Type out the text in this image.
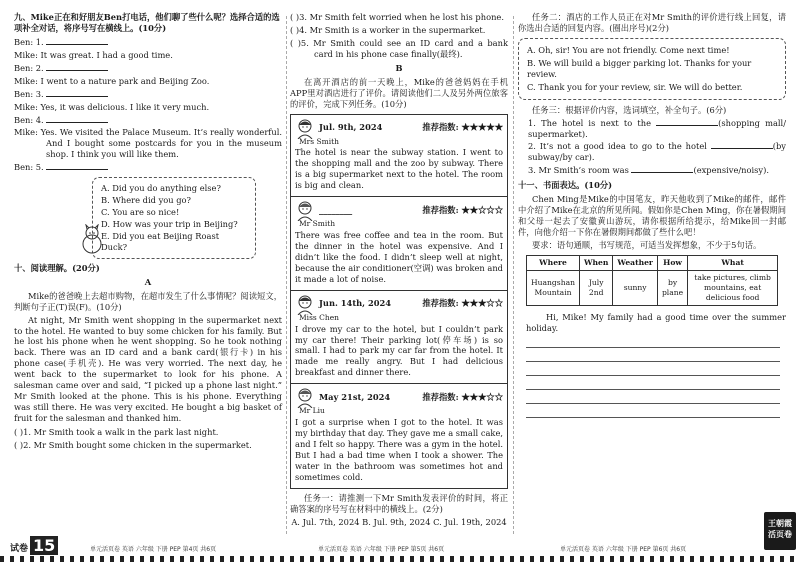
九、Mike正在和好朋友Ben打电话，他们聊了些什么呢？选择合适的选项补全对话，将序号写在横线上。(10分)
Ben: 1.
Mike: It was great. I had a good time.
Ben: 2.
Mike: I went to a nature park and Beijing Zoo.
Ben: 3.
Mike: Yes, it was delicious. I like it very much.
Ben: 4.
Mike: Yes. We visited the Palace Museum. It’s really wonderful. And I bought some postcards for you in the museum shop. I think you will like them.
Ben: 5.
A. Did you do anything else?
B. Where did you go?
C. You are so nice!
D. How was your trip in Beijing?
E. Did you eat Beijing Roast Duck?
十、阅读理解。(20分)
A
Mike的爸爸晚上去超市购物，在超市发生了什么事情呢？阅读短文，判断句子正(T)误(F)。(10分)
At night, Mr Smith went shopping in the supermarket next to the hotel. He wanted to buy some chicken for his family. But he lost his phone when he went shopping. So he took nothing back. There was an ID card and a bank card(银行卡) in his phone case(手机壳). He was very worried. The next day, he went back to the supermarket to look for his phone. A salesman came over and said, “I picked up a phone last night.” Mr Smith looked at the phone. This is his phone. Everything was still there. He was very excited. He bought a big basket of fruit for the salesman and thanked him.
( )1. Mr Smith took a walk in the park last night.
( )2. Mr Smith bought some chicken in the supermarket.
( )3. Mr Smith felt worried when he lost his phone.
( )4. Mr Smith is a worker in the supermarket.
( )5. Mr Smith could see an ID card and a bank card in his phone case finally(最终).
B
在离开酒店的前一天晚上，Mike的爸爸妈妈在手机APP里对酒店进行了评价。请阅读他们二人及另外两位旅客的评价，完成下列任务。(10分)
Jul. 9th, 2024	推荐指数: ★★★★★
Mrs Smith
The hotel is near the subway station. I went to the shopping mall and the zoo by subway. There is a big supermarket next to the hotel. The room is big and clean.
________	推荐指数: ★★☆☆☆
Mr Smith
There was free coffee and tea in the room. But the dinner in the hotel was expensive. And I didn’t like the food. I didn’t sleep well at night, because the air conditioner(空调) was broken and it made a lot of noise.
Jun. 14th, 2024	推荐指数: ★★★☆☆
Miss Chen
I drove my car to the hotel, but I couldn’t park my car there! Their parking lot(停车场) is so small. I had to park my car far from the hotel. It made me really angry. But I had delicious breakfast and dinner there.
May 21st, 2024	推荐指数: ★★★☆☆
Mr Liu
I got a surprise when I got to the hotel. It was my birthday that day. They gave me a small cake, and I felt so happy. There was a gym in the hotel. But I had a bad time when I took a shower. The water in the bathroom was sometimes hot and sometimes cold.
任务一：请推测一下Mr Smith发表评价的时间，将正确答案的序号写在材料中的横线上。(2分)
A. Jul. 7th, 2024 B. Jul. 9th, 2024 C. Jul. 19th, 2024
任务二：酒店的工作人员正在对Mr Smith的评价进行线上回复，请你选出合适的回复内容。(圈出序号)(2分)
A. Oh, sir! You are not friendly. Come next time!
B. We will build a bigger parking lot. Thanks for your review.
C. Thank you for your review, sir. We will do better.
任务三：根据评价内容，选词填空，补全句子。(6分)
1. The hotel is next to the	(shopping mall/ supermarket).
2. It’s not a good idea to go to the hotel	(by subway/by car).
3. Mr Smith’s room was	(expensive/noisy).
十一、书面表达。(10分)
Chen Ming是Mike的中国笔友，昨天他收到了Mike的邮件，邮件中介绍了Mike在北京的所见所闻。假如你是Chen Ming，你在暑假期间和父母一起去了安徽黄山游玩，请你根据所给提示，给Mike回一封邮件，向他介绍一下你在暑假期间都做了些什么吧！
要求：语句通顺，书写规范，可适当发挥想象，不少于5句话。
Where	When	Weather	How	What
Huangshan Mountain	July 2nd	sunny	by plane	take pictures, climb mountains, eat delicious food
Hi, Mike! My family had a good time over the summer holiday.
试卷 15	单元活页卷 英语 六年级 下册 PEP 第4页 共6页	单元活页卷 英语 六年级 下册 PEP 第5页 共6页	单元活页卷 英语 六年级 下册 PEP 第6页 共6页
王朝霞 活页卷
